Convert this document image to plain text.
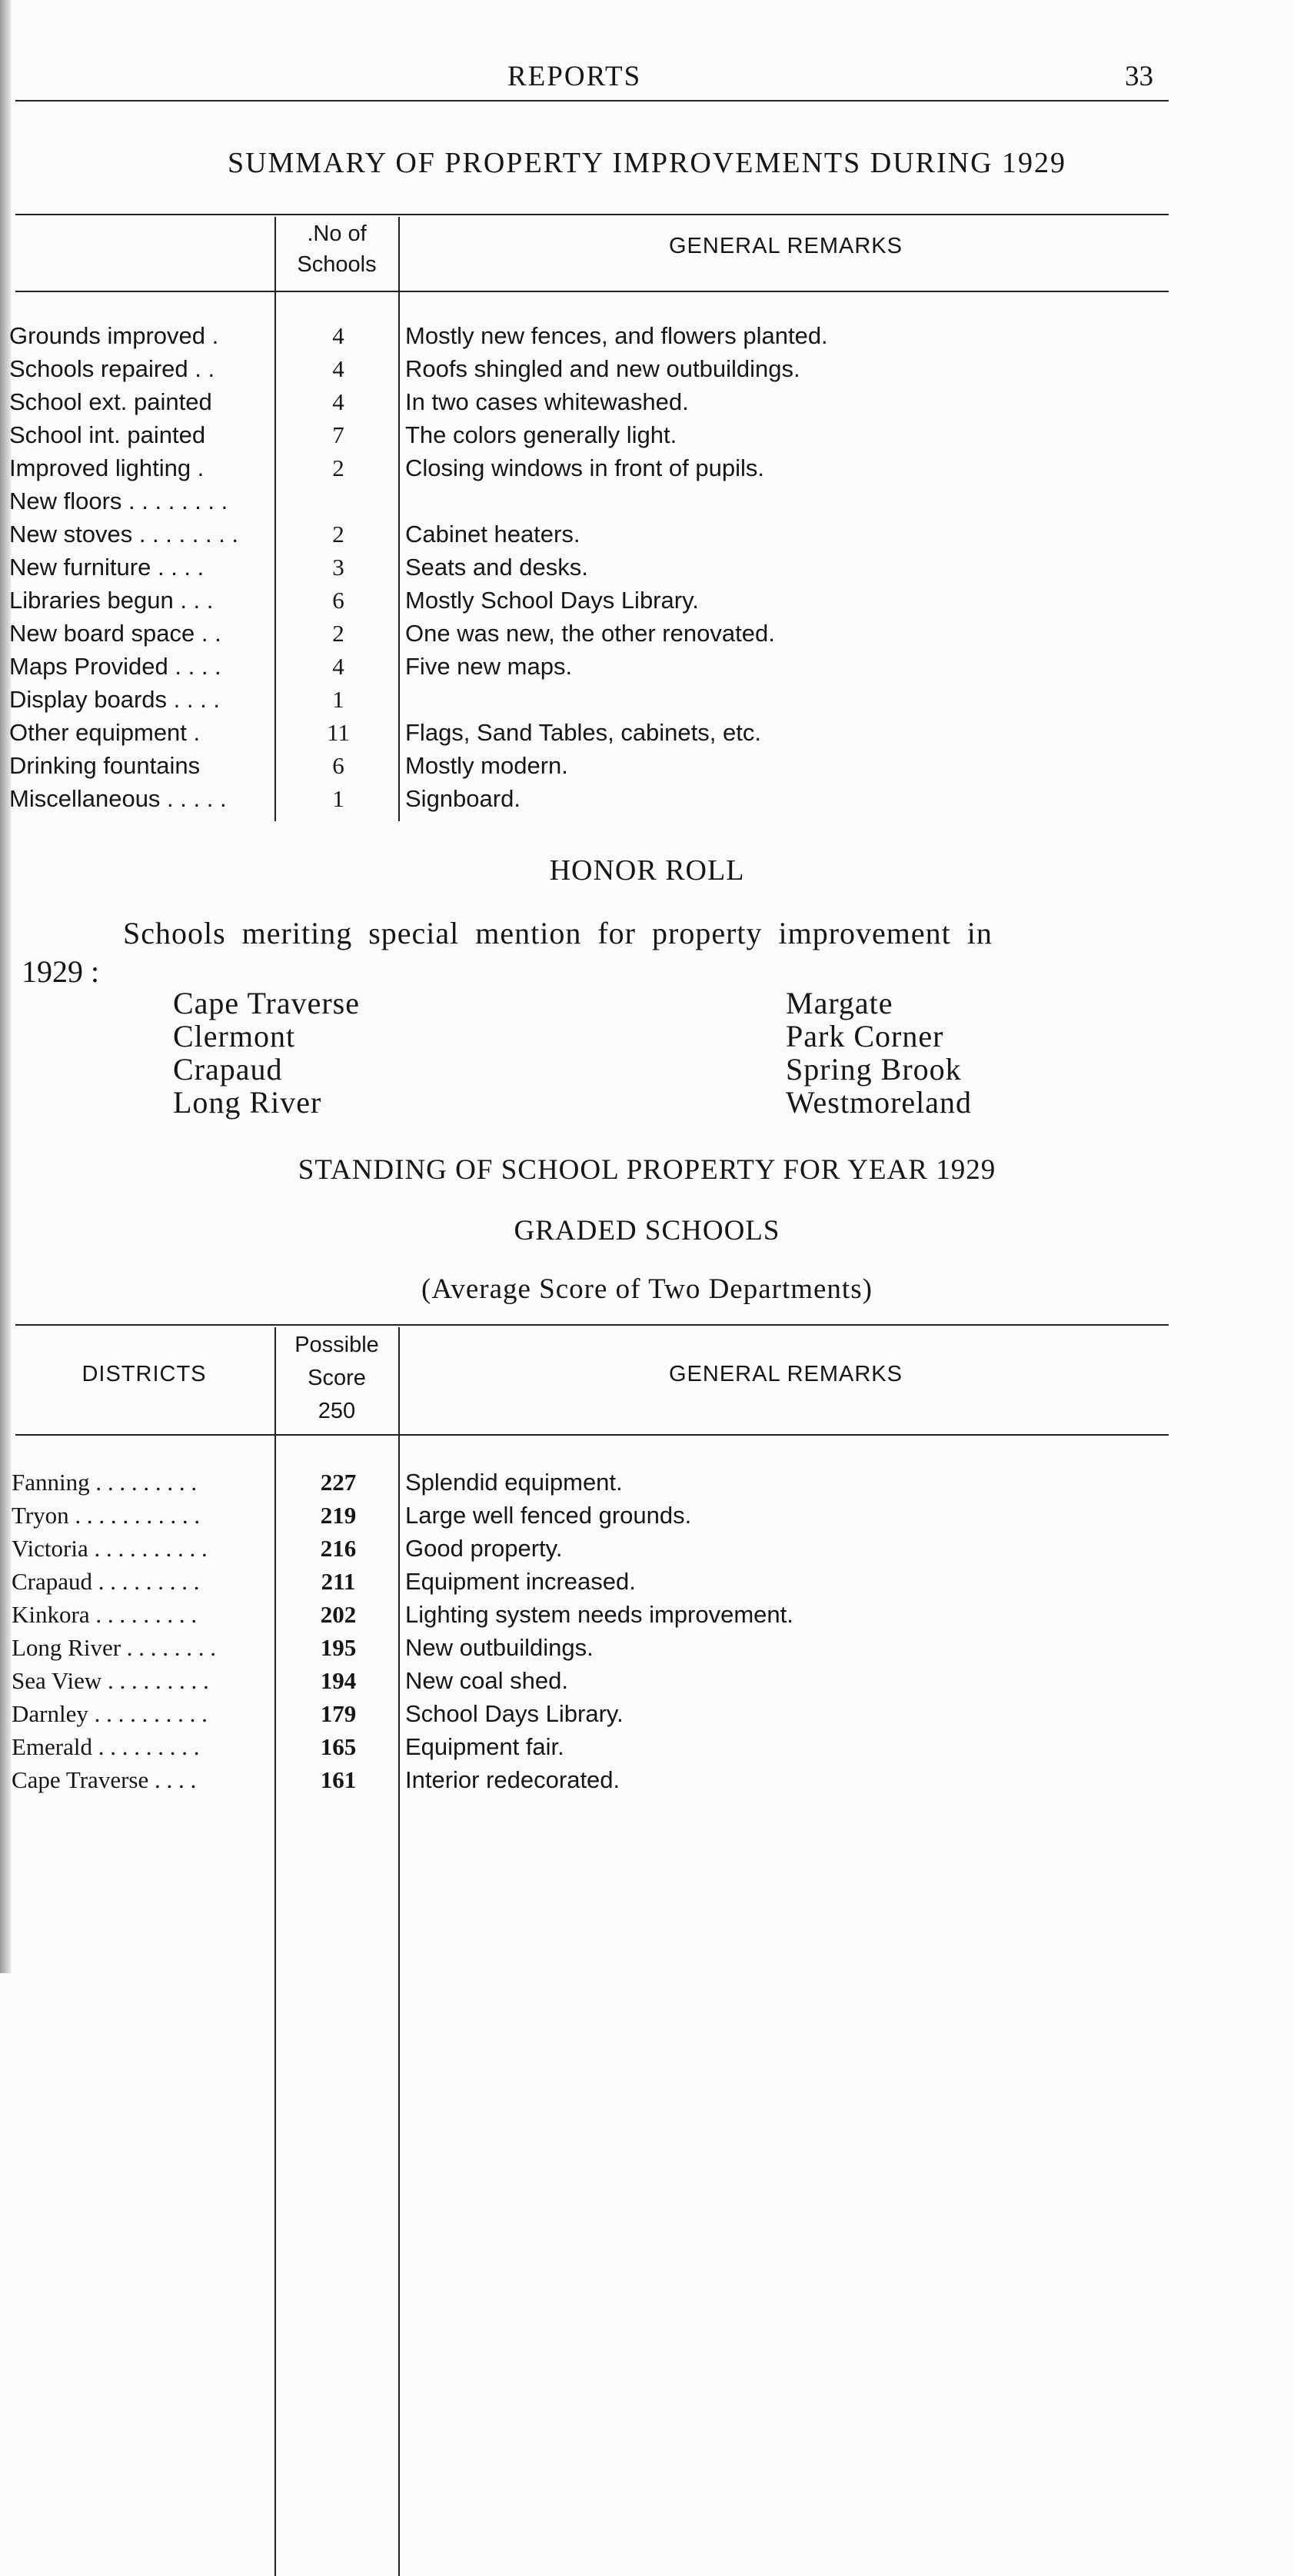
REPORTS	33
SUMMARY OF PROPERTY IMPROVEMENTS DURING 1929
.No of Schools
GENERAL REMARKS
Grounds improved .	4	Mostly new fences, and flowers planted.
Schools repaired . .	4	Roofs shingled and new outbuildings.
School ext. painted	4	In two cases whitewashed.
School int. painted	7	The colors generally light.
Improved lighting .	2	Closing windows in front of pupils.
New floors . . . . . . . .
New stoves . . . . . . . .	2	Cabinet heaters.
New furniture . . . .	3	Seats and desks.
Libraries begun . . .	6	Mostly School Days Library.
New board space . .	2	One was new, the other renovated.
Maps Provided . . . .	4	Five new maps.
Display boards . . . .	1
Other equipment .	11	Flags, Sand Tables, cabinets, etc.
Drinking fountains	6	Mostly modern.
Miscellaneous . . . . .	1	Signboard.
HONOR ROLL
Schools meriting special mention for property improvement in
1929 :
Cape Traverse
Clermont
Crapaud
Long River
Margate
Park Corner
Spring Brook
Westmoreland
STANDING OF SCHOOL PROPERTY FOR YEAR 1929
GRADED SCHOOLS
(Average Score of Two Departments)
DISTRICTS
Possible
Score
250
GENERAL REMARKS
Fanning . . . . . . . . .	227	Splendid equipment.
Tryon . . . . . . . . . . .	219	Large well fenced grounds.
Victoria . . . . . . . . . .	216	Good property.
Crapaud . . . . . . . . .	211	Equipment increased.
Kinkora . . . . . . . . .	202	Lighting system needs improvement.
Long River . . . . . . . .	195	New outbuildings.
Sea View . . . . . . . . .	194	New coal shed.
Darnley . . . . . . . . . .	179	School Days Library.
Emerald . . . . . . . . .	165	Equipment fair.
Cape Traverse . . . .	161	Interior redecorated.
